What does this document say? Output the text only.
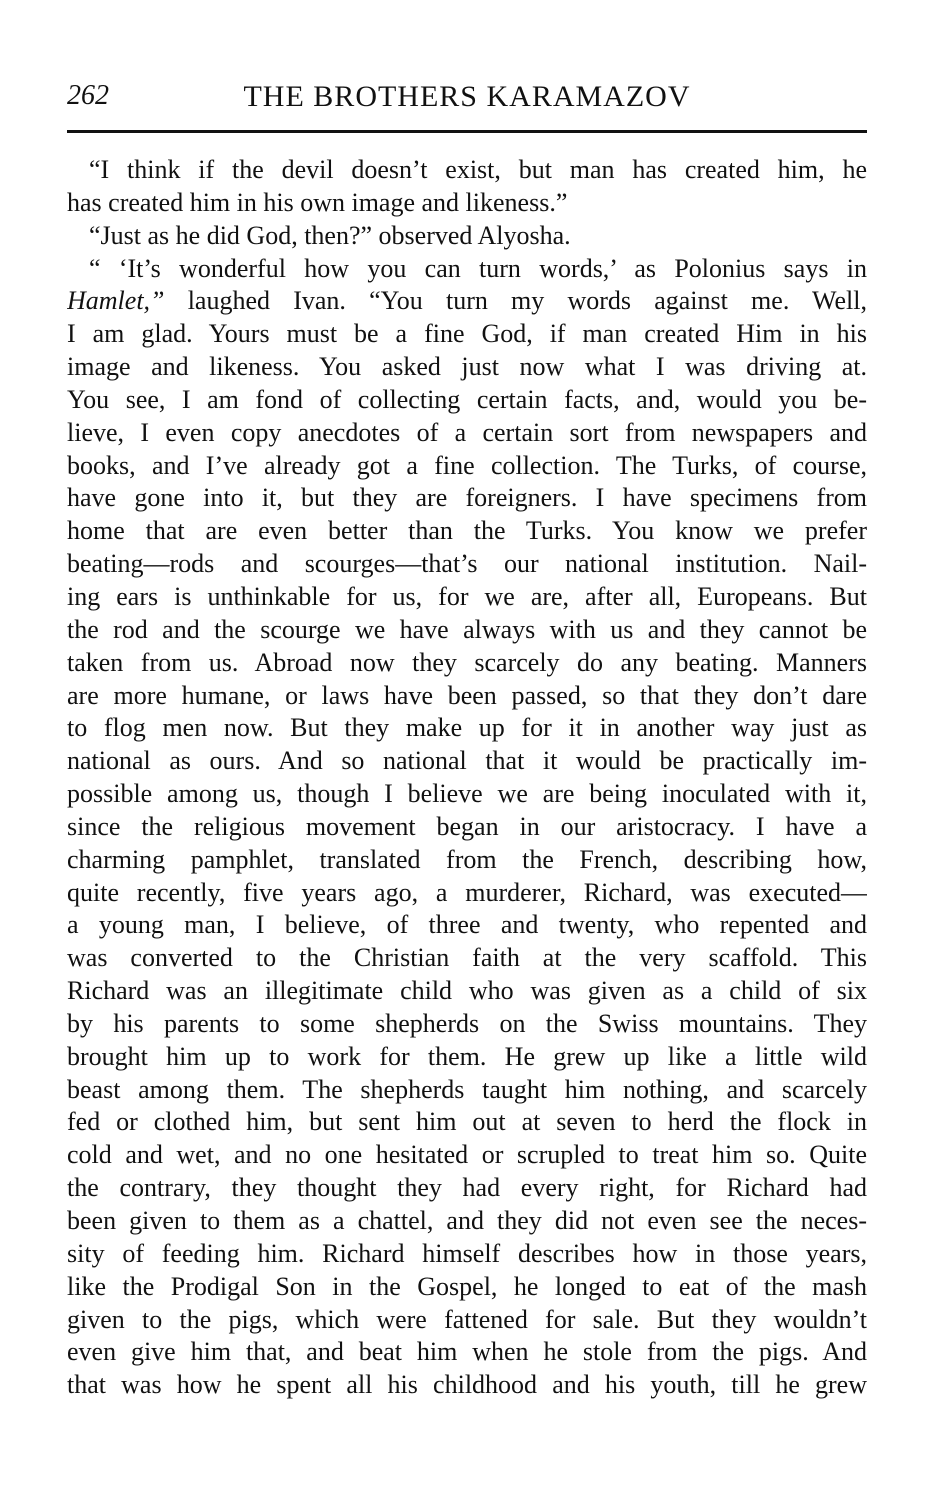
262	THE BROTHERS KARAMAZOV
“I think if the devil doesn’t exist, but man has created him, he
has created him in his own image and likeness.”
“Just as he did God, then?” observed Alyosha.
“ ‘It’s wonderful how you can turn words,’ as Polonius says in
Hamlet,” laughed Ivan. “You turn my words against me. Well,
I am glad. Yours must be a fine God, if man created Him in his
image and likeness. You asked just now what I was driving at.
You see, I am fond of collecting certain facts, and, would you be-
lieve, I even copy anecdotes of a certain sort from newspapers and
books, and I’ve already got a fine collection. The Turks, of course,
have gone into it, but they are foreigners. I have specimens from
home that are even better than the Turks. You know we prefer
beating—rods and scourges—that’s our national institution. Nail-
ing ears is unthinkable for us, for we are, after all, Europeans. But
the rod and the scourge we have always with us and they cannot be
taken from us. Abroad now they scarcely do any beating. Manners
are more humane, or laws have been passed, so that they don’t dare
to flog men now. But they make up for it in another way just as
national as ours. And so national that it would be practically im-
possible among us, though I believe we are being inoculated with it,
since the religious movement began in our aristocracy. I have a
charming pamphlet, translated from the French, describing how,
quite recently, five years ago, a murderer, Richard, was executed—
a young man, I believe, of three and twenty, who repented and
was converted to the Christian faith at the very scaffold. This
Richard was an illegitimate child who was given as a child of six
by his parents to some shepherds on the Swiss mountains. They
brought him up to work for them. He grew up like a little wild
beast among them. The shepherds taught him nothing, and scarcely
fed or clothed him, but sent him out at seven to herd the flock in
cold and wet, and no one hesitated or scrupled to treat him so. Quite
the contrary, they thought they had every right, for Richard had
been given to them as a chattel, and they did not even see the neces-
sity of feeding him. Richard himself describes how in those years,
like the Prodigal Son in the Gospel, he longed to eat of the mash
given to the pigs, which were fattened for sale. But they wouldn’t
even give him that, and beat him when he stole from the pigs. And
that was how he spent all his childhood and his youth, till he grew
